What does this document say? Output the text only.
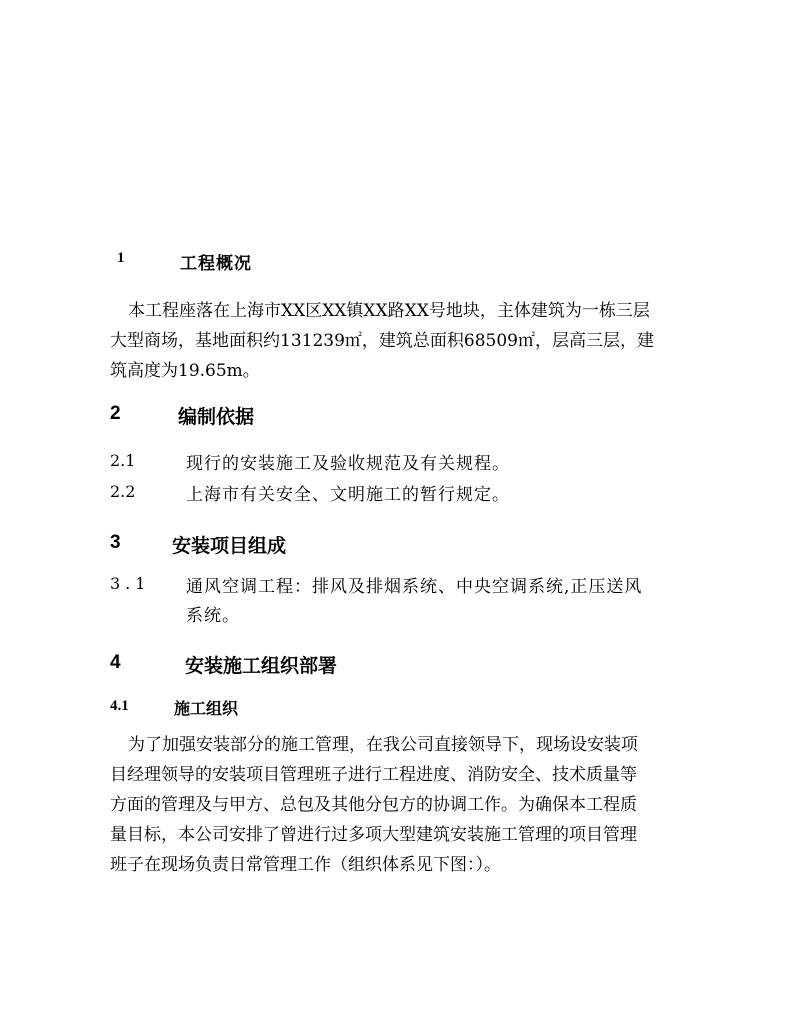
1	工程概况
本工程座落在上海市XX区XX镇XX路XX号地块，主体建筑为一栋三层
大型商场，基地面积约131239㎡，建筑总面积68509㎡，层高三层，建
筑高度为19.65m。
2	编制依据
2.1	现行的安装施工及验收规范及有关规程。
2.2	上海市有关安全、文明施工的暂行规定。
3	安装项目组成
3.1 通风空调工程：排风及排烟系统、中央空调系统,正压送风
系统。
4	安装施工组织部署
4.1	施工组织
为了加强安装部分的施工管理，在我公司直接领导下，现场设安装项
目经理领导的安装项目管理班子进行工程进度、消防安全、技术质量等
方面的管理及与甲方、总包及其他分包方的协调工作。为确保本工程质
量目标，本公司安排了曾进行过多项大型建筑安装施工管理的项目管理
班子在现场负责日常管理工作（组织体系见下图：）。
